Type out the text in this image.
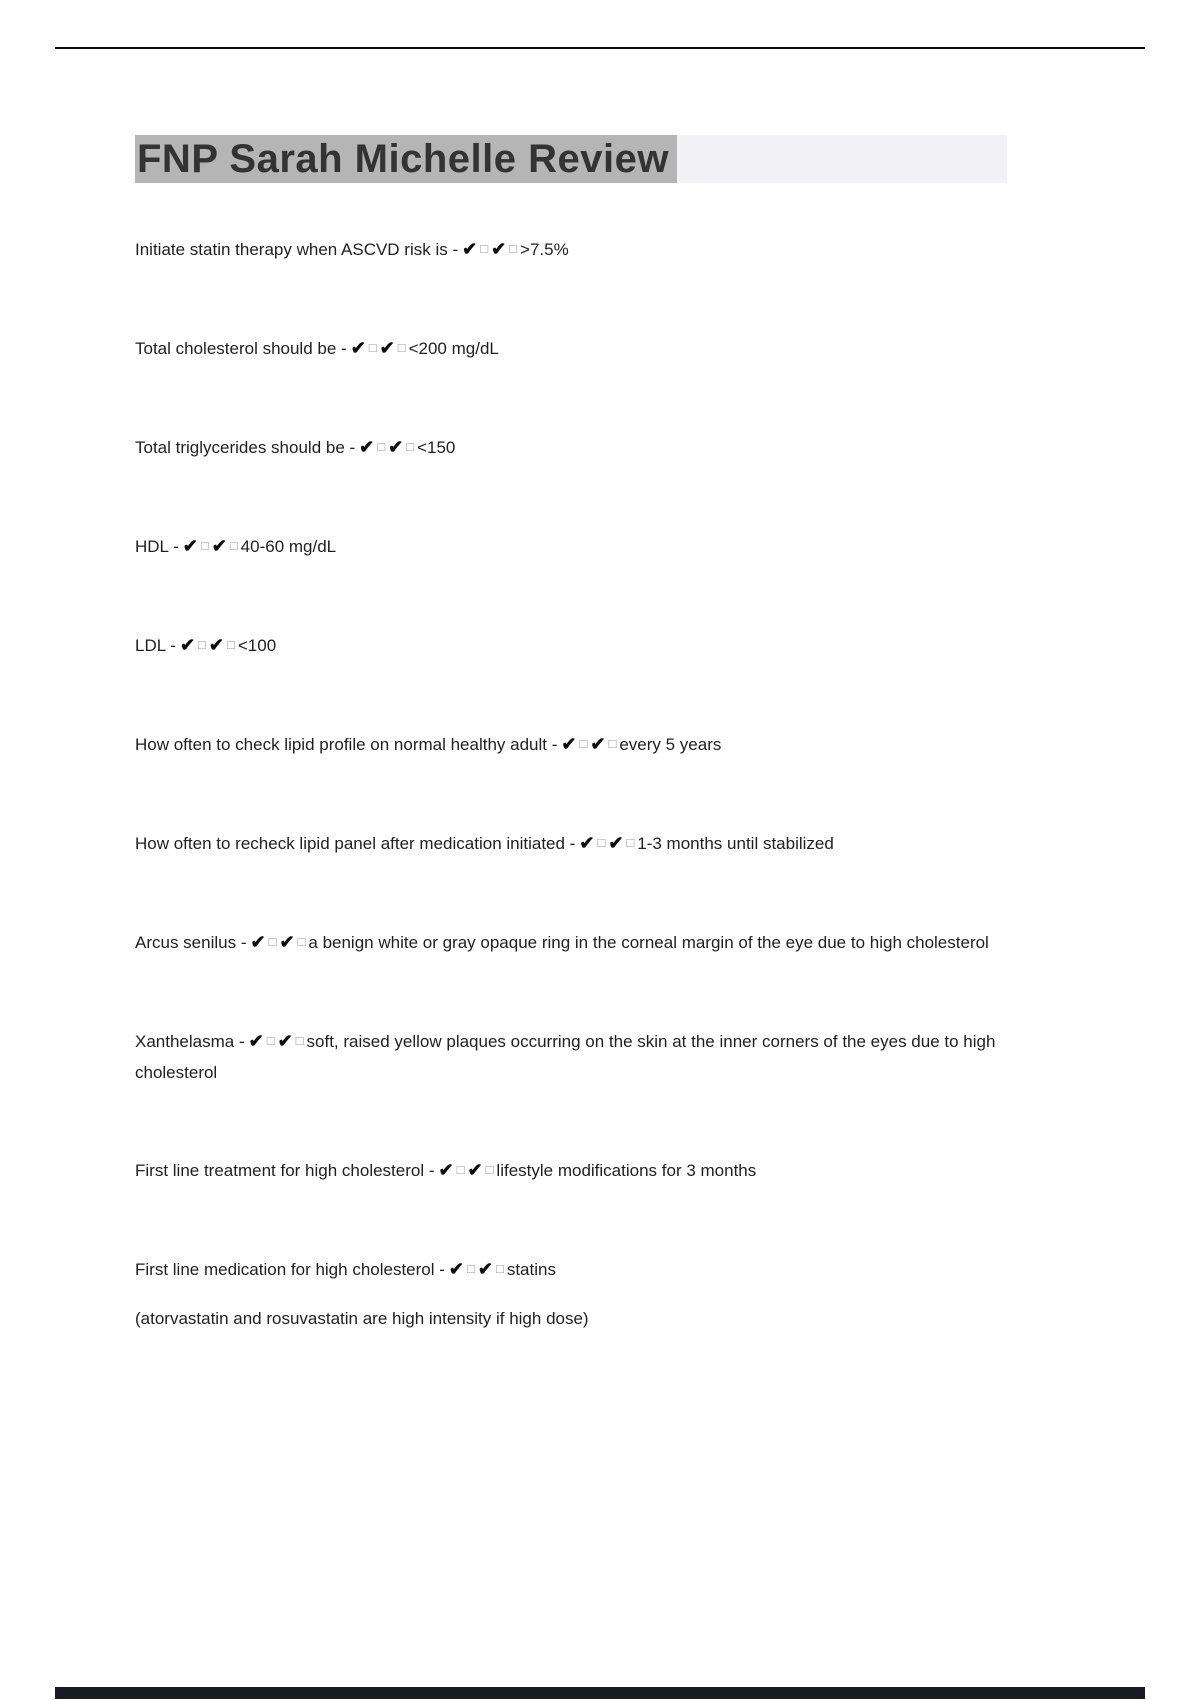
FNP Sarah Michelle Review

Initiate statin therapy when ASCVD risk is - ✔ □ ✔ □ >7.5%

Total cholesterol should be - ✔ □ ✔ □ <200 mg/dL

Total triglycerides should be - ✔ □ ✔ □ <150

HDL - ✔ □ ✔ □ 40-60 mg/dL

LDL - ✔ □ ✔ □ <100

How often to check lipid profile on normal healthy adult - ✔ □ ✔ □ every 5 years

How often to recheck lipid panel after medication initiated - ✔ □ ✔ □ 1-3 months until stabilized

Arcus senilus - ✔ □ ✔ □ a benign white or gray opaque ring in the corneal margin of the eye due to high cholesterol

Xanthelasma - ✔ □ ✔ □ soft, raised yellow plaques occurring on the skin at the inner corners of the eyes due to high cholesterol

First line treatment for high cholesterol - ✔ □ ✔ □ lifestyle modifications for 3 months

First line medication for high cholesterol - ✔ □ ✔ □ statins

(atorvastatin and rosuvastatin are high intensity if high dose)
